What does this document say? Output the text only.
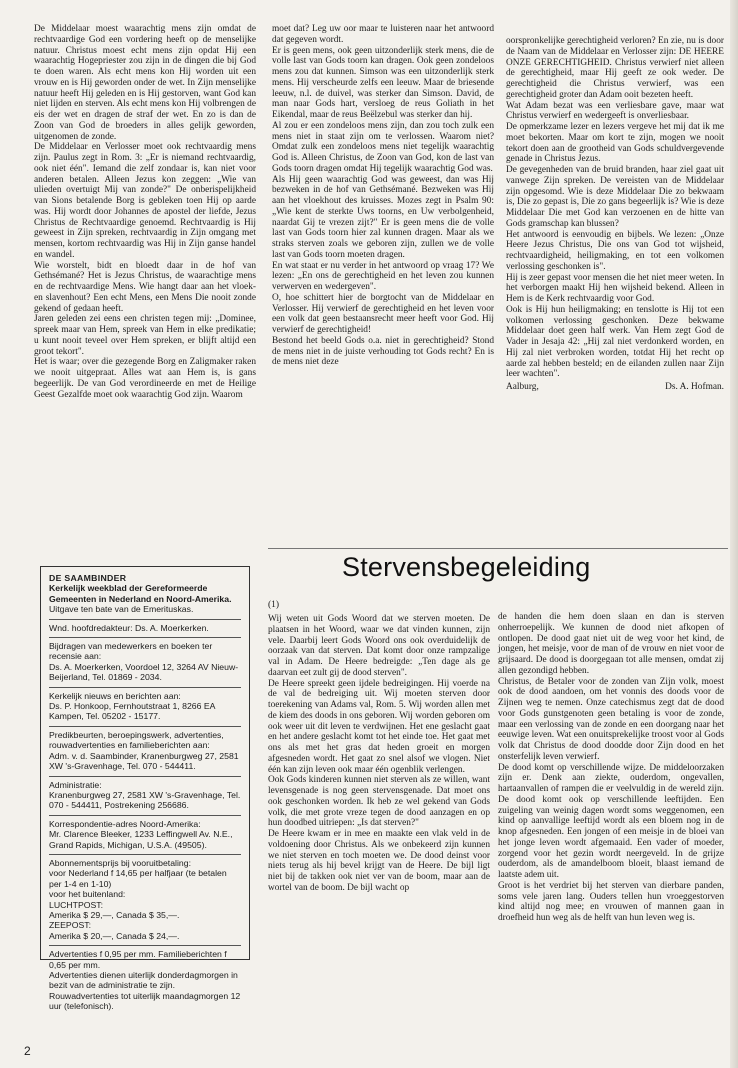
De Middelaar moest waarachtig mens zijn omdat de rechtvaardige God een vordering heeft op de menselijke natuur. Christus moest echt mens zijn opdat Hij een waarachtig Hogepriester zou zijn in de dingen die bij God te doen waren. Als echt mens kon Hij worden uit een vrouw en is Hij geworden onder de wet. In Zijn menselijke natuur heeft Hij geleden en is Hij gestorven, want God kan niet lijden en sterven. Als echt mens kon Hij volbrengen de eis der wet en dragen de straf der wet. En zo is dan de Zoon van God de broeders in alles gelijk geworden, uitgenomen de zonde.

De Middelaar en Verlosser moet ook rechtvaardig mens zijn. Paulus zegt in Rom. 3: „Er is niemand rechtvaardig, ook niet één". Iemand die zelf zondaar is, kan niet voor anderen betalen. Alleen Jezus kon zeggen: „Wie van ulieden overtuigt Mij van zonde?" De onberispelijkheid van Sions betalende Borg is gebleken toen Hij op aarde was. Hij wordt door Johannes de apostel der liefde, Jezus Christus de Rechtvaardige genoemd. Rechtvaardig is Hij geweest in Zijn spreken, rechtvaardig in Zijn omgang met mensen, kortom rechtvaardig was Hij in Zijn ganse handel en wandel.

Wie worstelt, bidt en bloedt daar in de hof van Gethsémané? Het is Jezus Christus, de waarachtige mens en de rechtvaardige Mens. Wie hangt daar aan het vloek- en slavenhout? Een echt Mens, een Mens Die nooit zonde gekend of gedaan heeft.

Jaren geleden zei eens een christen tegen mij: „Dominee, spreek maar van Hem, spreek van Hem in elke predikatie; u kunt nooit teveel over Hem spreken, er blijft altijd een groot tekort".

Het is waar; over die gezegende Borg en Zaligmaker raken we nooit uitgepraat. Alles wat aan Hem is, is gans begeerlijk. De van God verordineerde en met de Heilige Geest Gezalfde moet ook waarachtig God zijn. Waarom

moet dat? Leg uw oor maar te luisteren naar het antwoord dat gegeven wordt.

Er is geen mens, ook geen uitzonderlijk sterk mens, die de volle last van Gods toorn kan dragen. Ook geen zondeloos mens zou dat kunnen. Simson was een uitzonderlijk sterk mens. Hij verscheurde zelfs een leeuw. Maar de briesende leeuw, n.l. de duivel, was sterker dan Simson. David, de man naar Gods hart, versloeg de reus Goliath in het Eikendal, maar de reus Beëlzebul was sterker dan hij.

Al zou er een zondeloos mens zijn, dan zou toch zulk een mens niet in staat zijn om te verlossen. Waarom niet? Omdat zulk een zondeloos mens niet tegelijk waarachtig God is. Alleen Christus, de Zoon van God, kon de last van Gods toorn dragen omdat Hij tegelijk waarachtig God was.

Als Hij geen waarachtig God was geweest, dan was Hij bezweken in de hof van Gethsémané. Bezweken was Hij aan het vloekhout des kruisses. Mozes zegt in Psalm 90: „Wie kent de sterkte Uws toorns, en Uw verbolgenheid, naardat Gij te vrezen zijt?" Er is geen mens die de volle last van Gods toorn hier zal kunnen dragen. Maar als we straks sterven zoals we geboren zijn, zullen we de volle last van Gods toorn moeten dragen.

En wat staat er nu verder in het antwoord op vraag 17? We lezen: „En ons de gerechtigheid en het leven zou kunnen verwerven en wedergeven".

O, hoe schittert hier de borgtocht van de Middelaar en Verlosser. Hij verwierf de gerechtigheid en het leven voor een volk dat geen bestaansrecht meer heeft voor God. Hij verwierf de gerechtigheid!

Bestond het beeld Gods o.a. niet in gerechtigheid? Stond de mens niet in de juiste verhouding tot Gods recht? En is de mens niet deze

oorspronkelijke gerechtigheid verloren? En zie, nu is door de Naam van de Middelaar en Verlosser zijn: DE HEERE ONZE GERECHTIGHEID. Christus verwierf niet alleen de gerechtigheid, maar Hij geeft ze ook weder. De gerechtigheid die Christus verwierf, was een gerechtigheid groter dan Adam ooit bezeten heeft.

Wat Adam bezat was een verliesbare gave, maar wat Christus verwierf en wedergeeft is onverliesbaar.

De opmerkzame lezer en lezers vergeve het mij dat ik me moet bekorten. Maar om kort te zijn, mogen we nooit tekort doen aan de grootheid van Gods schuldvergevende genade in Christus Jezus.

De gevegenheden van de bruid branden, haar ziel gaat uit vanwege Zijn spreken. De vereisten van de Middelaar zijn opgesomd. Wie is deze Middelaar Die zo bekwaam is, Die zo gepast is, Die zo gans begeerlijk is? Wie is deze Middelaar Die met God kan verzoenen en de hitte van Gods gramschap kan blussen?

Het antwoord is eenvoudig en bijbels. We lezen: „Onze Heere Jezus Christus, Die ons van God tot wijsheid, rechtvaardigheid, heiligmaking, en tot een volkomen verlossing geschonken is".

Hij is zeer gepast voor mensen die het niet meer weten. In het verborgen maakt Hij hen wijsheid bekend. Alleen in Hem is de Kerk rechtvaardig voor God.

Ook is Hij hun heiligmaking; en tenslotte is Hij tot een volkomen verlossing geschonken. Deze bekwame Middelaar doet geen half werk. Van Hem zegt God de Vader in Jesaja 42: „Hij zal niet verdonkerd worden, en Hij zal niet verbroken worden, totdat Hij het recht op aarde zal hebben besteld; en de eilanden zullen naar Zijn leer wachten".

Aalburg,	Ds. A. Hofman.
DE SAAMBINDER
Kerkelijk weekblad der Gereformeerde Gemeenten in Nederland en Noord-Amerika.
Uitgave ten bate van de Emerituskas.
Wnd. hoofdredakteur: Ds. A. Moerkerken.
Bijdragen van medewerkers en boeken ter recensie aan:
Ds. A. Moerkerken, Voordoel 12, 3264 AV Nieuw-Beijerland, Tel. 01869 - 2034.
Kerkelijk nieuws en berichten aan:
Ds. P. Honkoop, Fernhoutstraat 1, 8266 EA Kampen, Tel. 05202 - 15177.
Predikbeurten, beroepingswerk, advertenties, rouwadvertenties en familieberichten aan:
Adm. v. d. Saambinder, Kranenburgweg 27, 2581 XW 's-Gravenhage, Tel. 070 - 544411.
Administratie:
Kranenburgweg 27, 2581 XW 's-Gravenhage, Tel. 070 - 544411, Postrekening 256686.
Korrespondentie-adres Noord-Amerika:
Mr. Clarence Bleeker, 1233 Leffingwell Av. N.E., Grand Rapids, Michigan, U.S.A. (49505).
Abonnementsprijs bij vooruitbetaling:
voor Nederland f 14,65 per halfjaar (te betalen per 1-4 en 1-10)
voor het buitenland:
LUCHTPOST:
Amerika $ 29,—, Canada $ 35,—.
ZEEPOST:
Amerika $ 20,—, Canada $ 24,—.
Advertenties f 0,95 per mm. Familieberichten f 0,65 per mm.
Advertenties dienen uiterlijk donderdagmorgen in bezit van de administratie te zijn.
Rouwadvertenties tot uiterlijk maandagmorgen 12 uur (telefonisch).
Stervensbegeleiding
(1)

Wij weten uit Gods Woord dat we sterven moeten. De plaatsen in het Woord, waar we dat vinden kunnen, zijn vele. Daarbij leert Gods Woord ons ook overduidelijk de oorzaak van dat sterven. Dat komt door onze rampzalige val in Adam. De Heere bedreigde: „Ten dage als ge daarvan eet zult gij de dood sterven".

De Heere spreekt geen ijdele bedreigingen. Hij voerde na de val de bedreiging uit. Wij moeten sterven door toerekening van Adams val, Rom. 5. Wij worden allen met de kiem des doods in ons geboren. Wij worden geboren om ook weer uit dit leven te verdwijnen. Het ene geslacht gaat en het andere geslacht komt tot het einde toe. Het gaat met ons als met het gras dat heden groeit en morgen afgesneden wordt. Het gaat zo snel alsof we vlogen. Niet één kan zijn leven ook maar één ogenblik verlengen.

Ook Gods kinderen kunnen niet sterven als ze willen, want levensgenade is nog geen stervensgenade. Dat moet ons ook geschonken worden. Ik heb ze wel gekend van Gods volk, die met grote vreze tegen de dood aanzagen en op hun doodbed uitriepen: „Is dat sterven?"

De Heere kwam er in mee en maakte een vlak veld in de voldoening door Christus. Als we onbekeerd zijn kunnen we niet sterven en toch moeten we. De dood deinst voor niets terug als hij bevel krijgt van de Heere. De bijl ligt niet bij de takken ook niet ver van de boom, maar aan de wortel van de boom. De bijl wacht op

de handen die hem doen slaan en dan is sterven onherroepelijk. We kunnen de dood niet afkopen of ontlopen. De dood gaat niet uit de weg voor het kind, de jongen, het meisje, voor de man of de vrouw en niet voor de grijsaard. De dood is doorgegaan tot alle mensen, omdat zij allen gezondigd hebben.

Christus, de Betaler voor de zonden van Zijn volk, moest ook de dood aandoen, om het vonnis des doods voor de Zijnen weg te nemen. Onze catechismus zegt dat de dood voor Gods gunstgenoten geen betaling is voor de zonde, maar een verlossing van de zonde en een doorgang naar het eeuwige leven. Wat een onuitsprekelijke troost voor al Gods volk dat Christus de dood doodde door Zijn dood en het onsterfelijk leven verwierf.

De dood komt op verschillende wijze. De middeloorzaken zijn er. Denk aan ziekte, ouderdom, ongevallen, hartaanvallen of rampen die er veelvuldig in de wereld zijn. De dood komt ook op verschillende leeftijden. Een zuigeling van weinig dagen wordt soms weggenomen, een kind op aanvallige leeftijd wordt als een bloem nog in de knop afgesneden. Een jongen of een meisje in de bloei van het jonge leven wordt afgemaaid. Een vader of moeder, zorgend voor het gezin wordt neergeveld. In de grijze ouderdom, als de amandelboom bloeit, blaast iemand de laatste adem uit.

Groot is het verdriet bij het sterven van dierbare panden, soms vele jaren lang. Ouders tellen hun vroeggestorven kind altijd nog mee; en vrouwen of mannen gaan in droefheid hun weg als de helft van hun leven weg is.

2
